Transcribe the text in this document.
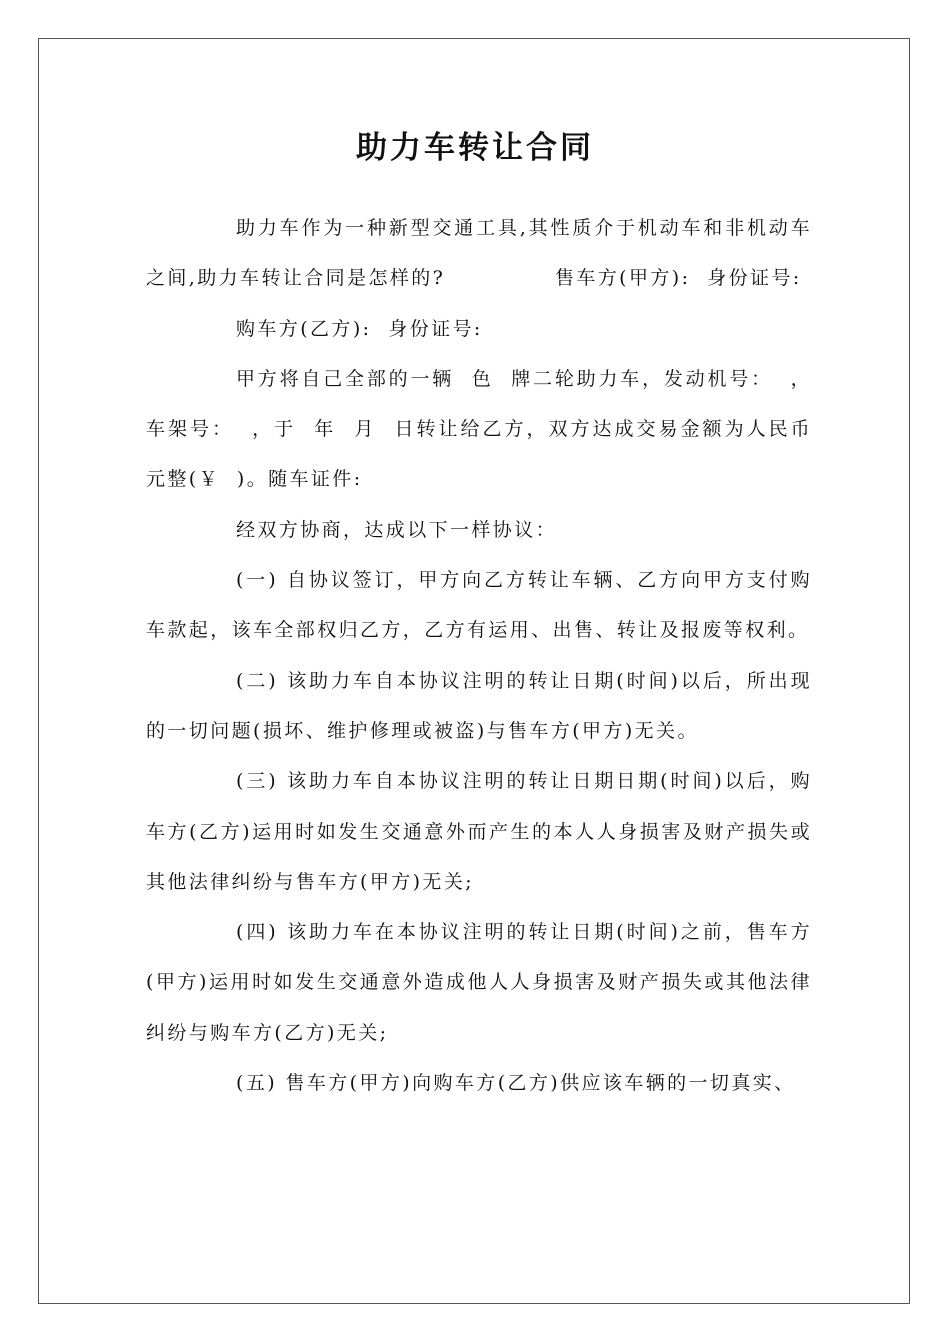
助力车转让合同

助力车作为一种新型交通工具,其性质介于机动车和非机动车之间,助力车转让合同是怎样的?             售车方(甲方):  身份证号:

购车方(乙方):  身份证号:

甲方将自己全部的一辆  色  牌二轮助力车，发动机号：  ，车架号：  ，于  年  月  日转让给乙方，双方达成交易金额为人民币  元整(￥  )。随车证件:

经双方协商，达成以下一样协议：

(一) 自协议签订，甲方向乙方转让车辆、乙方向甲方支付购车款起，该车全部权归乙方，乙方有运用、出售、转让及报废等权利。

(二) 该助力车自本协议注明的转让日期(时间)以后，所出现的一切问题(损坏、维护修理或被盗)与售车方(甲方)无关。

(三) 该助力车自本协议注明的转让日期日期(时间)以后，购车方(乙方)运用时如发生交通意外而产生的本人人身损害及财产损失或其他法律纠纷与售车方(甲方)无关;

(四) 该助力车在本协议注明的转让日期(时间)之前，售车方(甲方)运用时如发生交通意外造成他人人身损害及财产损失或其他法律纠纷与购车方(乙方)无关;

(五) 售车方(甲方)向购车方(乙方)供应该车辆的一切真实、
